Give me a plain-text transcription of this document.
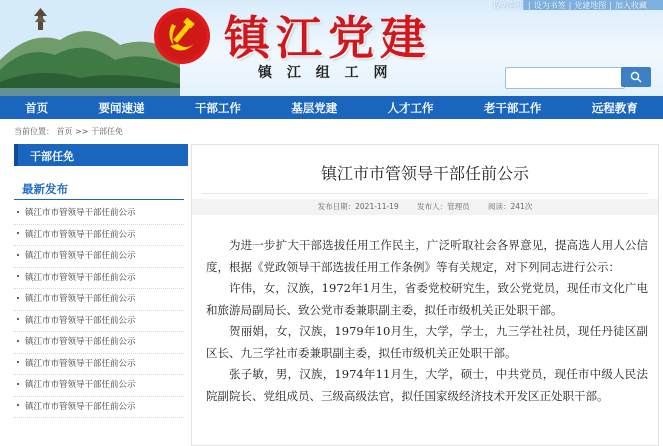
镇江党建
镇 江 组 工 网
设为首页 | 设为书签 | 党建地图 | 加入收藏
首页	要闻速递	干部工作	基层党建	人才工作	老干部工作	远程教育
当前位置： 首页 >> 干部任免
干部任免
最新发布
镇江市市管领导干部任前公示
镇江市市管领导干部任前公示
镇江市市管领导干部任前公示
镇江市市管领导干部任前公示
镇江市市管领导干部任前公示
镇江市市管领导干部任前公示
镇江市市管领导干部任前公示
镇江市市管领导干部任前公示
镇江市市管领导干部任前公示
镇江市市管领导干部任前公示
镇江市市管领导干部任前公示
发布日期：2021-11-19 发布人：管理员 阅读：241次

为进一步扩大干部选拔任用工作民主，广泛听取社会各界意见，提高选人用人公信度，根据《党政领导干部选拔任用工作条例》等有关规定，对下列同志进行公示：

许伟，女，汉族，1972年1月生，省委党校研究生，致公党党员，现任市文化广电和旅游局副局长、致公党市委兼职副主委，拟任市级机关正处职干部。

贺丽娟，女，汉族，1979年10月生，大学，学士，九三学社社员，现任丹徒区副区长、九三学社市委兼职副主委，拟任市级机关正处职干部。

张子敏，男，汉族，1974年11月生，大学，硕士，中共党员，现任市中级人民法院副院长、党组成员、三级高级法官，拟任国家级经济技术开发区正处职干部。
